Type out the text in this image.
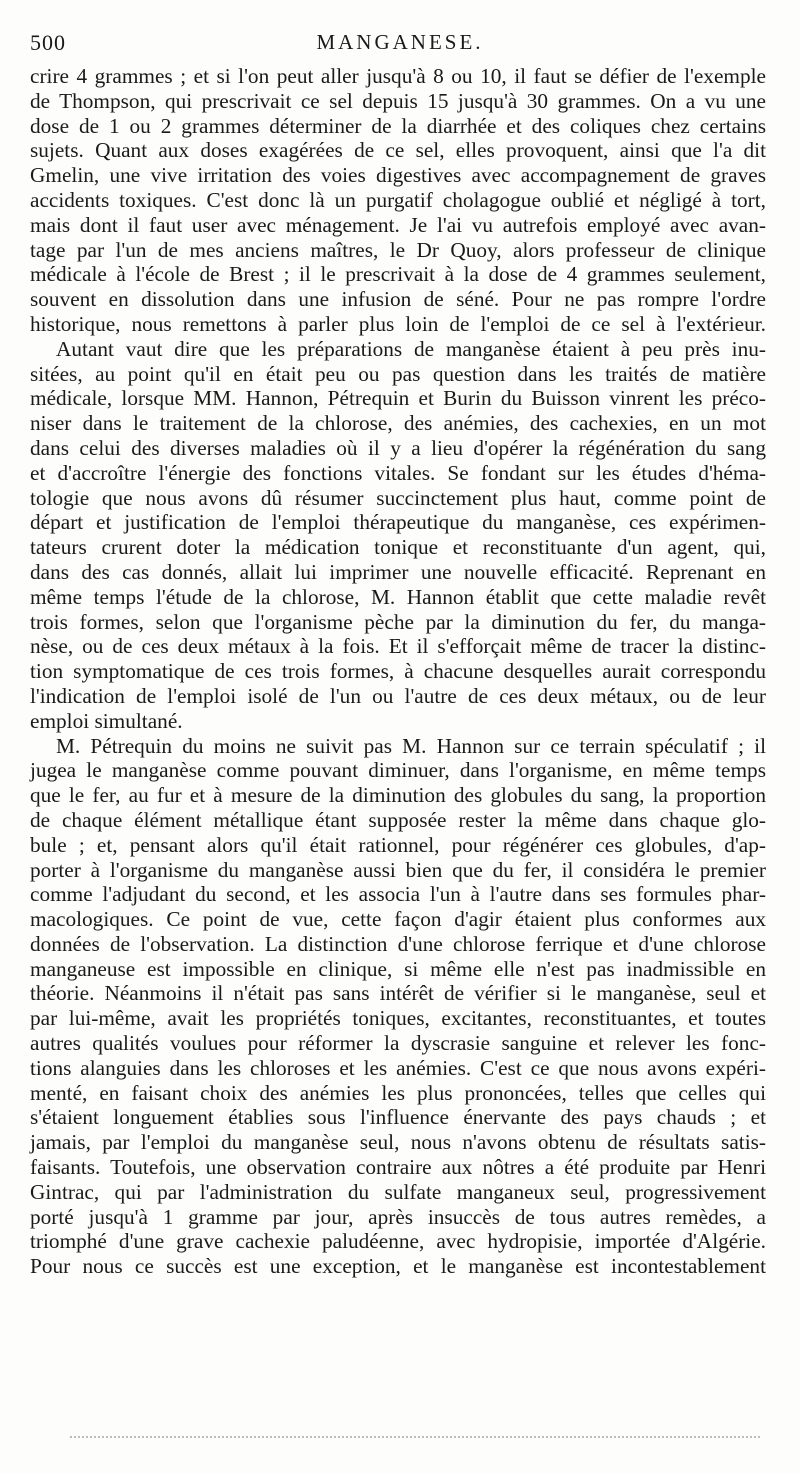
500	MANGANESE.

crire 4 grammes ; et si l'on peut aller jusqu'à 8 ou 10, il faut se défier de l'exemple

de Thompson, qui prescrivait ce sel depuis 15 jusqu'à 30 grammes. On a vu une

dose de 1 ou 2 grammes déterminer de la diarrhée et des coliques chez certains

sujets. Quant aux doses exagérées de ce sel, elles provoquent, ainsi que l'a dit

Gmelin, une vive irritation des voies digestives avec accompagnement de graves

accidents toxiques. C'est donc là un purgatif cholagogue oublié et négligé à tort,

mais dont il faut user avec ménagement. Je l'ai vu autrefois employé avec avan-

tage par l'un de mes anciens maîtres, le Dr Quoy, alors professeur de clinique

médicale à l'école de Brest ; il le prescrivait à la dose de 4 grammes seulement,

souvent en dissolution dans une infusion de séné. Pour ne pas rompre l'ordre

historique, nous remettons à parler plus loin de l'emploi de ce sel à l'extérieur.

Autant vaut dire que les préparations de manganèse étaient à peu près inu-

sitées, au point qu'il en était peu ou pas question dans les traités de matière

médicale, lorsque MM. Hannon, Pétrequin et Burin du Buisson vinrent les préco-

niser dans le traitement de la chlorose, des anémies, des cachexies, en un mot

dans celui des diverses maladies où il y a lieu d'opérer la régénération du sang

et d'accroître l'énergie des fonctions vitales. Se fondant sur les études d'héma-

tologie que nous avons dû résumer succinctement plus haut, comme point de

départ et justification de l'emploi thérapeutique du manganèse, ces expérimen-

tateurs crurent doter la médication tonique et reconstituante d'un agent, qui,

dans des cas donnés, allait lui imprimer une nouvelle efficacité. Reprenant en

même temps l'étude de la chlorose, M. Hannon établit que cette maladie revêt

trois formes, selon que l'organisme pèche par la diminution du fer, du manga-

nèse, ou de ces deux métaux à la fois. Et il s'efforçait même de tracer la distinc-

tion symptomatique de ces trois formes, à chacune desquelles aurait correspondu

l'indication de l'emploi isolé de l'un ou l'autre de ces deux métaux, ou de leur

emploi simultané.

M. Pétrequin du moins ne suivit pas M. Hannon sur ce terrain spéculatif ; il

jugea le manganèse comme pouvant diminuer, dans l'organisme, en même temps

que le fer, au fur et à mesure de la diminution des globules du sang, la proportion

de chaque élément métallique étant supposée rester la même dans chaque glo-

bule ; et, pensant alors qu'il était rationnel, pour régénérer ces globules, d'ap-

porter à l'organisme du manganèse aussi bien que du fer, il considéra le premier

comme l'adjudant du second, et les associa l'un à l'autre dans ses formules phar-

macologiques. Ce point de vue, cette façon d'agir étaient plus conformes aux

données de l'observation. La distinction d'une chlorose ferrique et d'une chlorose

manganeuse est impossible en clinique, si même elle n'est pas inadmissible en

théorie. Néanmoins il n'était pas sans intérêt de vérifier si le manganèse, seul et

par lui-même, avait les propriétés toniques, excitantes, reconstituantes, et toutes

autres qualités voulues pour réformer la dyscrasie sanguine et relever les fonc-

tions alanguies dans les chloroses et les anémies. C'est ce que nous avons expéri-

menté, en faisant choix des anémies les plus prononcées, telles que celles qui

s'étaient longuement établies sous l'influence énervante des pays chauds ; et

jamais, par l'emploi du manganèse seul, nous n'avons obtenu de résultats satis-

faisants. Toutefois, une observation contraire aux nôtres a été produite par Henri

Gintrac, qui par l'administration du sulfate manganeux seul, progressivement

porté jusqu'à 1 gramme par jour, après insuccès de tous autres remèdes, a

triomphé d'une grave cachexie paludéenne, avec hydropisie, importée d'Algérie.

Pour nous ce succès est une exception, et le manganèse est incontestablement
